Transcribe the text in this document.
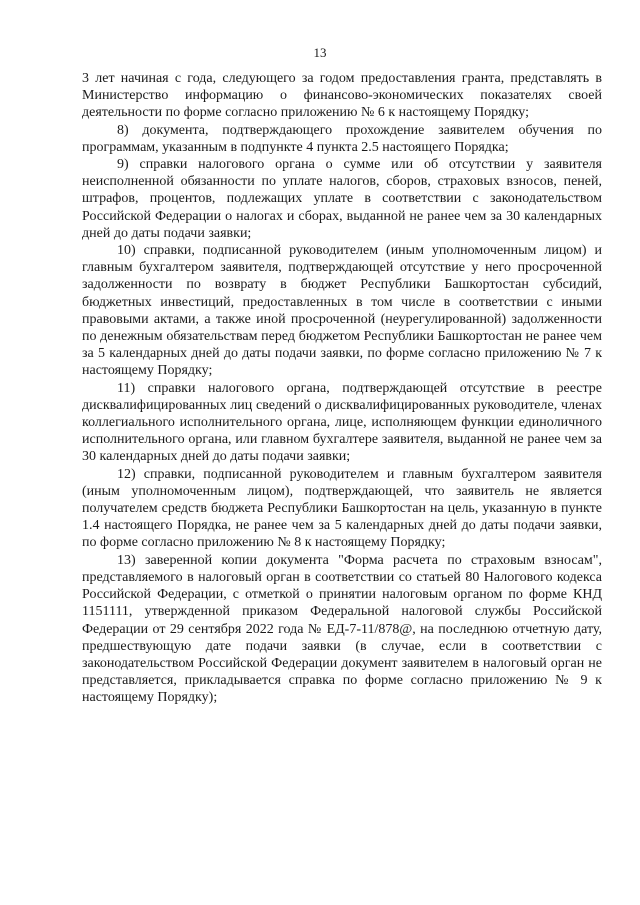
13

3 лет начиная с года, следующего за годом предоставления гранта, представлять в Министерство информацию о финансово-экономических показателях своей деятельности по форме согласно приложению № 6 к настоящему Порядку;

8) документа, подтверждающего прохождение заявителем обучения по программам, указанным в подпункте 4 пункта 2.5 настоящего Порядка;

9) справки налогового органа о сумме или об отсутствии у заявителя неисполненной обязанности по уплате налогов, сборов, страховых взносов, пеней, штрафов, процентов, подлежащих уплате в соответствии с законодательством Российской Федерации о налогах и сборах, выданной не ранее чем за 30 календарных дней до даты подачи заявки;

10) справки, подписанной руководителем (иным уполномоченным лицом) и главным бухгалтером заявителя, подтверждающей отсутствие у него просроченной задолженности по возврату в бюджет Республики Башкортостан субсидий, бюджетных инвестиций, предоставленных в том числе в соответствии с иными правовыми актами, а также иной просроченной (неурегулированной) задолженности по денежным обязательствам перед бюджетом Республики Башкортостан не ранее чем за 5 календарных дней до даты подачи заявки, по форме согласно приложению № 7 к настоящему Порядку;

11) справки налогового органа, подтверждающей отсутствие в реестре дисквалифицированных лиц сведений о дисквалифицированных руководителе, членах коллегиального исполнительного органа, лице, исполняющем функции единоличного исполнительного органа, или главном бухгалтере заявителя, выданной не ранее чем за 30 календарных дней до даты подачи заявки;

12) справки, подписанной руководителем и главным бухгалтером заявителя (иным уполномоченным лицом), подтверждающей, что заявитель не является получателем средств бюджета Республики Башкортостан на цель, указанную в пункте 1.4 настоящего Порядка, не ранее чем за 5 календарных дней до даты подачи заявки, по форме согласно приложению № 8 к настоящему Порядку;

13) заверенной копии документа "Форма расчета по страховым взносам", представляемого в налоговый орган в соответствии со статьей 80 Налогового кодекса Российской Федерации, с отметкой о принятии налоговым органом по форме КНД 1151111, утвержденной приказом Федеральной налоговой службы Российской Федерации от 29 сентября 2022 года № ЕД-7-11/878@, на последнюю отчетную дату, предшествующую дате подачи заявки (в случае, если в соответствии с законодательством Российской Федерации документ заявителем в налоговый орган не представляется, прикладывается справка по форме согласно приложению № 9 к настоящему Порядку);
